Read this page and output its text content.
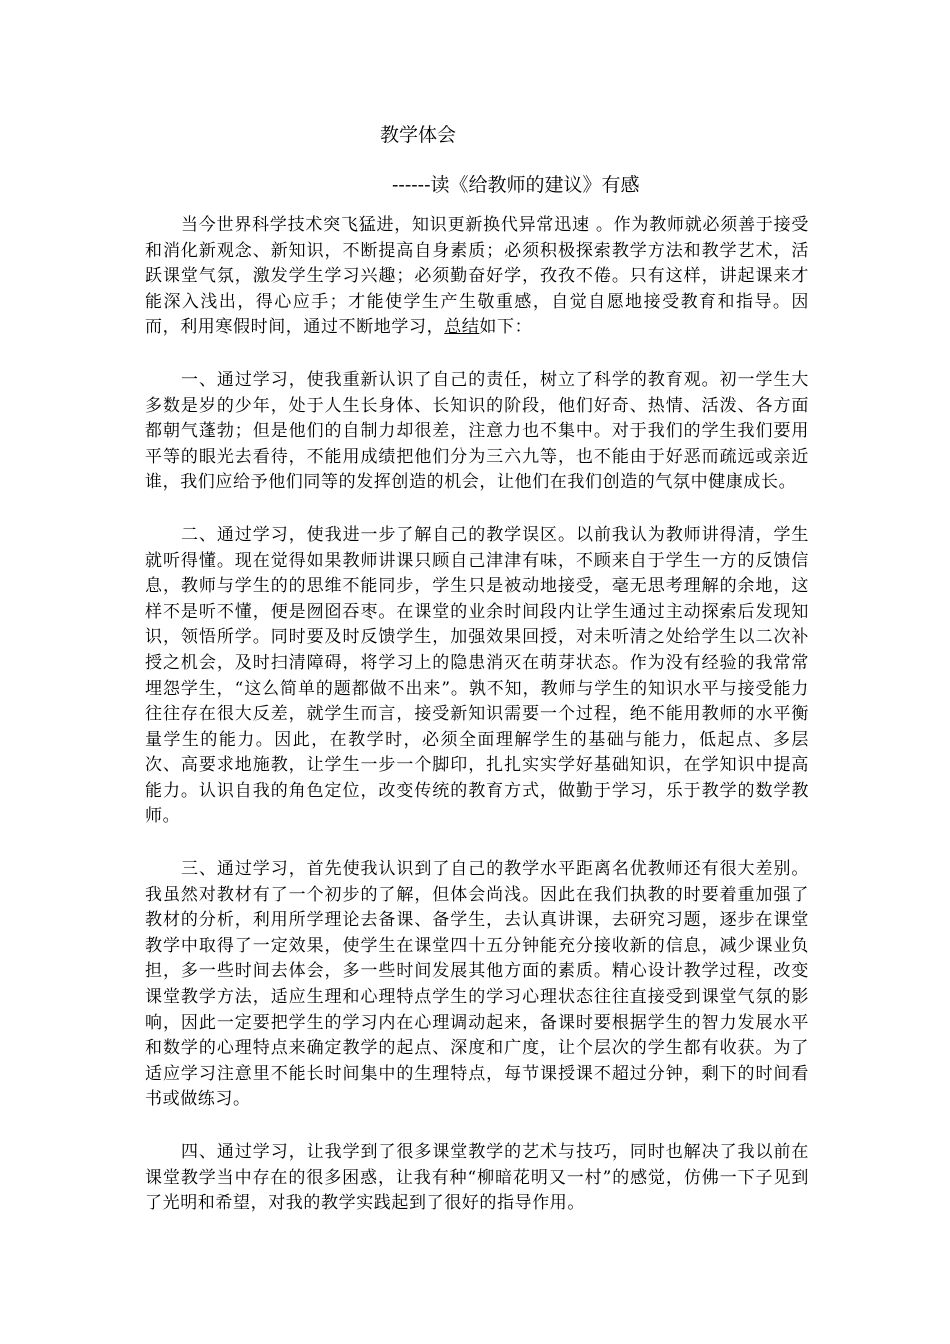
教学体会
------读《给教师的建议》有感

当今世界科学技术突飞猛进，知识更新换代异常迅速 。作为教师就必须善于接受和消化新观念、新知识，不断提高自身素质；必须积极探索教学方法和教学艺术，活跃课堂气氛，激发学生学习兴趣；必须勤奋好学，孜孜不倦。只有这样，讲起课来才能深入浅出，得心应手；才能使学生产生敬重感，自觉自愿地接受教育和指导。因而，利用寒假时间，通过不断地学习，总结如下：

一、通过学习，使我重新认识了自己的责任，树立了科学的教育观。初一学生大多数是岁的少年，处于人生长身体、长知识的阶段，他们好奇、热情、活泼、各方面都朝气蓬勃；但是他们的自制力却很差，注意力也不集中。对于我们的学生我们要用平等的眼光去看待，不能用成绩把他们分为三六九等，也不能由于好恶而疏远或亲近谁，我们应给予他们同等的发挥创造的机会，让他们在我们创造的气氛中健康成长。

二、通过学习，使我进一步了解自己的教学误区。以前我认为教师讲得清，学生就听得懂。现在觉得如果教师讲课只顾自己津津有味，不顾来自于学生一方的反馈信息，教师与学生的的思维不能同步，学生只是被动地接受，毫无思考理解的余地，这样不是听不懂，便是囫囵吞枣。在课堂的业余时间段内让学生通过主动探索后发现知识，领悟所学。同时要及时反馈学生，加强效果回授，对未听清之处给学生以二次补授之机会，及时扫清障碍，将学习上的隐患消灭在萌芽状态。作为没有经验的我常常埋怨学生，“这么简单的题都做不出来”。孰不知，教师与学生的知识水平与接受能力往往存在很大反差，就学生而言，接受新知识需要一个过程，绝不能用教师的水平衡量学生的能力。因此，在教学时，必须全面理解学生的基础与能力，低起点、多层次、高要求地施教，让学生一步一个脚印，扎扎实实学好基础知识，在学知识中提高能力。认识自我的角色定位，改变传统的教育方式，做勤于学习，乐于教学的数学教师。

三、通过学习，首先使我认识到了自己的教学水平距离名优教师还有很大差别。我虽然对教材有了一个初步的了解，但体会尚浅。因此在我们执教的时要着重加强了教材的分析，利用所学理论去备课、备学生，去认真讲课，去研究习题，逐步在课堂教学中取得了一定效果，使学生在课堂四十五分钟能充分接收新的信息，减少课业负担，多一些时间去体会，多一些时间发展其他方面的素质。精心设计教学过程，改变课堂教学方法，适应生理和心理特点学生的学习心理状态往往直接受到课堂气氛的影响，因此一定要把学生的学习内在心理调动起来，备课时要根据学生的智力发展水平和数学的心理特点来确定教学的起点、深度和广度，让个层次的学生都有收获。为了适应学习注意里不能长时间集中的生理特点，每节课授课不超过分钟，剩下的时间看书或做练习。

四、通过学习，让我学到了很多课堂教学的艺术与技巧，同时也解决了我以前在课堂教学当中存在的很多困惑，让我有种“柳暗花明又一村”的感觉，仿佛一下子见到了光明和希望，对我的教学实践起到了很好的指导作用。
